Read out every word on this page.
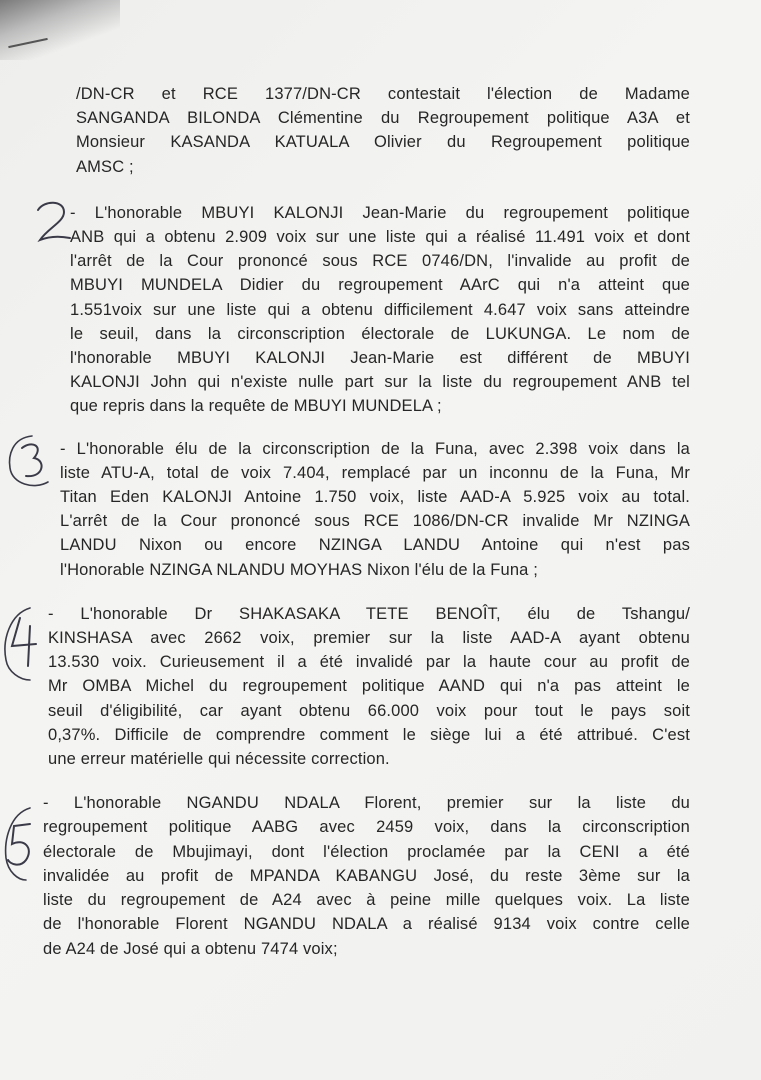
/DN-CR et RCE 1377/DN-CR contestait l'élection de Madame
SANGANDA BILONDA Clémentine du Regroupement politique A3A et
Monsieur KASANDA KATUALA Olivier du Regroupement politique
AMSC ;
- L'honorable MBUYI KALONJI Jean-Marie du regroupement politique
ANB qui a obtenu 2.909 voix sur une liste qui a réalisé 11.491 voix et dont
l'arrêt de la Cour prononcé sous RCE 0746/DN, l'invalide au profit de
MBUYI MUNDELA Didier du regroupement AArC qui n'a atteint que
1.551voix sur une liste qui a obtenu difficilement 4.647 voix sans atteindre
le seuil, dans la circonscription électorale de LUKUNGA. Le nom de
l'honorable MBUYI KALONJI Jean-Marie est différent de MBUYI
KALONJI John qui n'existe nulle part sur la liste du regroupement ANB tel
que repris dans la requête de MBUYI MUNDELA ;
- L'honorable élu de la circonscription de la Funa, avec 2.398 voix dans la
liste ATU-A, total de voix 7.404, remplacé par un inconnu de la Funa, Mr
Titan Eden KALONJI Antoine 1.750 voix, liste AAD-A 5.925 voix au total.
L'arrêt de la Cour prononcé sous RCE 1086/DN-CR invalide Mr NZINGA
LANDU Nixon ou encore NZINGA LANDU Antoine qui n'est pas
l'Honorable NZINGA NLANDU MOYHAS Nixon l'élu de la Funa ;
- L'honorable Dr SHAKASAKA TETE BENOÎT, élu de Tshangu/
KINSHASA avec 2662 voix, premier sur la liste AAD-A ayant obtenu
13.530 voix. Curieusement il a été invalidé par la haute cour au profit de
Mr OMBA Michel du regroupement politique AAND qui n'a pas atteint le
seuil d'éligibilité, car ayant obtenu 66.000 voix pour tout le pays soit
0,37%. Difficile de comprendre comment le siège lui a été attribué. C'est
une erreur matérielle qui nécessite correction.
- L'honorable NGANDU NDALA Florent, premier sur la liste du
regroupement politique AABG avec 2459 voix, dans la circonscription
électorale de Mbujimayi, dont l'élection proclamée par la CENI a été
invalidée au profit de MPANDA KABANGU José, du reste 3ème sur la
liste du regroupement de A24 avec à peine mille quelques voix. La liste
de l'honorable Florent NGANDU NDALA a réalisé 9134 voix contre celle
de A24 de José qui a obtenu 7474 voix;
